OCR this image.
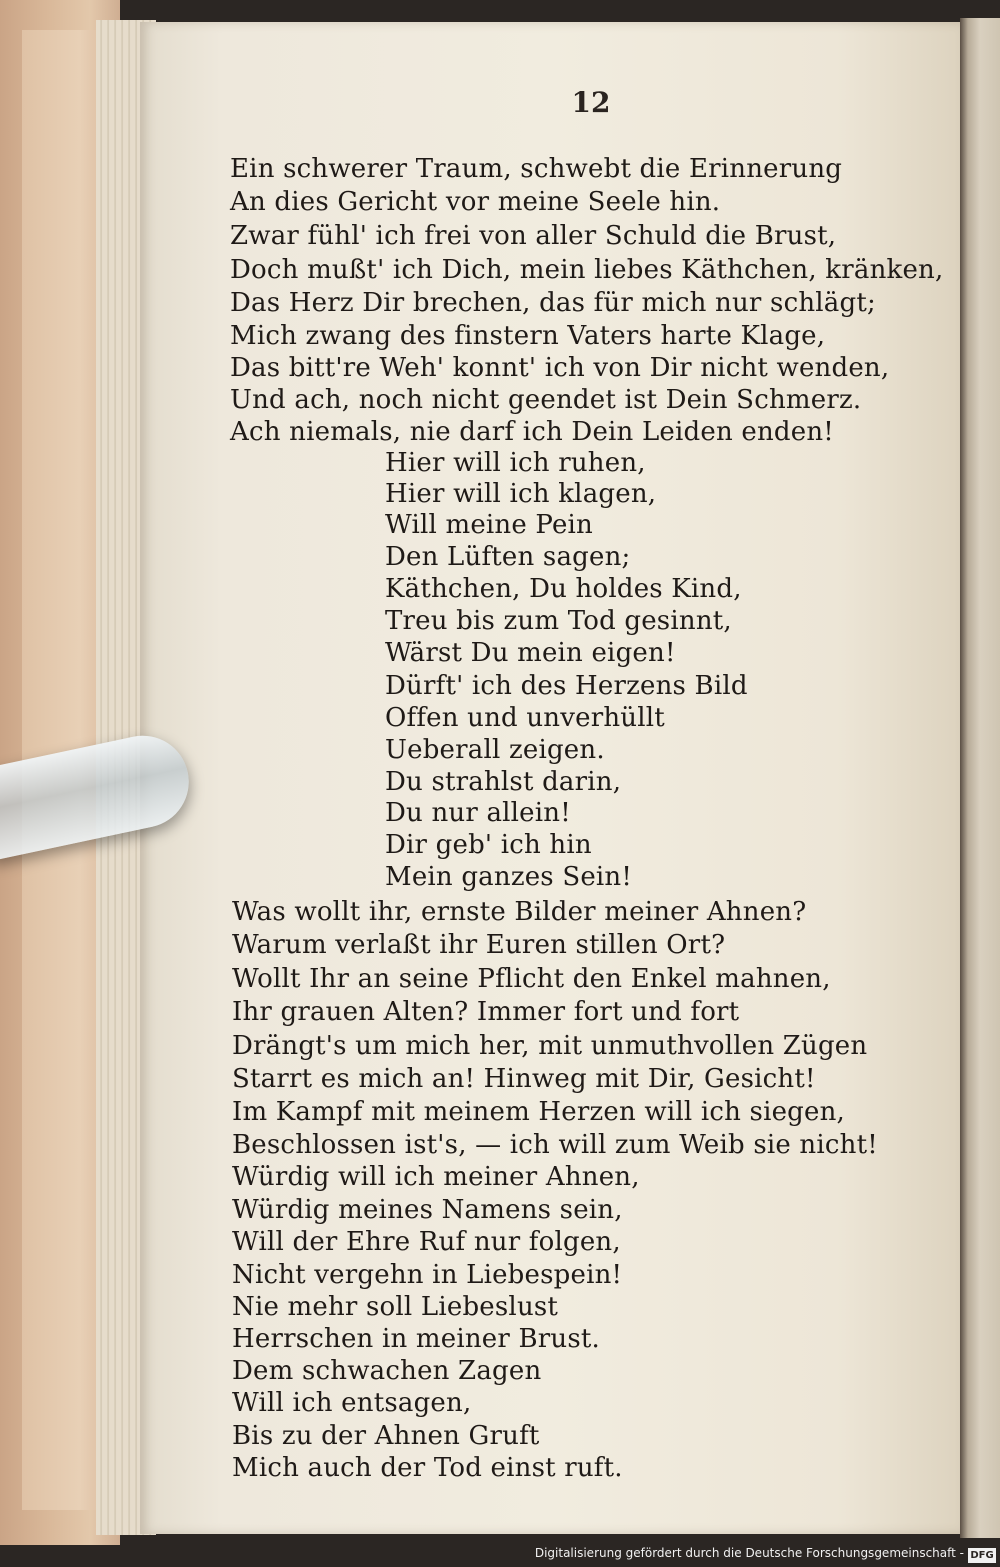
12
Ein schwerer Traum, schwebt die Erinnerung
An dies Gericht vor meine Seele hin.
Zwar fühl' ich frei von aller Schuld die Brust,
Doch mußt' ich Dich, mein liebes Käthchen, kränken,
Das Herz Dir brechen, das für mich nur schlägt;
Mich zwang des finstern Vaters harte Klage,
Das bitt're Weh' konnt' ich von Dir nicht wenden,
Und ach, noch nicht geendet ist Dein Schmerz.
Ach niemals, nie darf ich Dein Leiden enden!
Hier will ich ruhen,
Hier will ich klagen,
Will meine Pein
Den Lüften sagen;
Käthchen, Du holdes Kind,
Treu bis zum Tod gesinnt,
Wärst Du mein eigen!
Dürft' ich des Herzens Bild
Offen und unverhüllt
Ueberall zeigen.
Du strahlst darin,
Du nur allein!
Dir geb' ich hin
Mein ganzes Sein!
Was wollt ihr, ernste Bilder meiner Ahnen?
Warum verlaßt ihr Euren stillen Ort?
Wollt Ihr an seine Pflicht den Enkel mahnen,
Ihr grauen Alten? Immer fort und fort
Drängt's um mich her, mit unmuthvollen Zügen
Starrt es mich an! Hinweg mit Dir, Gesicht!
Im Kampf mit meinem Herzen will ich siegen,
Beschlossen ist's, — ich will zum Weib sie nicht!
Würdig will ich meiner Ahnen,
Würdig meines Namens sein,
Will der Ehre Ruf nur folgen,
Nicht vergehn in Liebespein!
Nie mehr soll Liebeslust
Herrschen in meiner Brust.
Dem schwachen Zagen
Will ich entsagen,
Bis zu der Ahnen Gruft
Mich auch der Tod einst ruft.
Digitalisierung gefördert durch die Deutsche Forschungsgemeinschaft - DFG
